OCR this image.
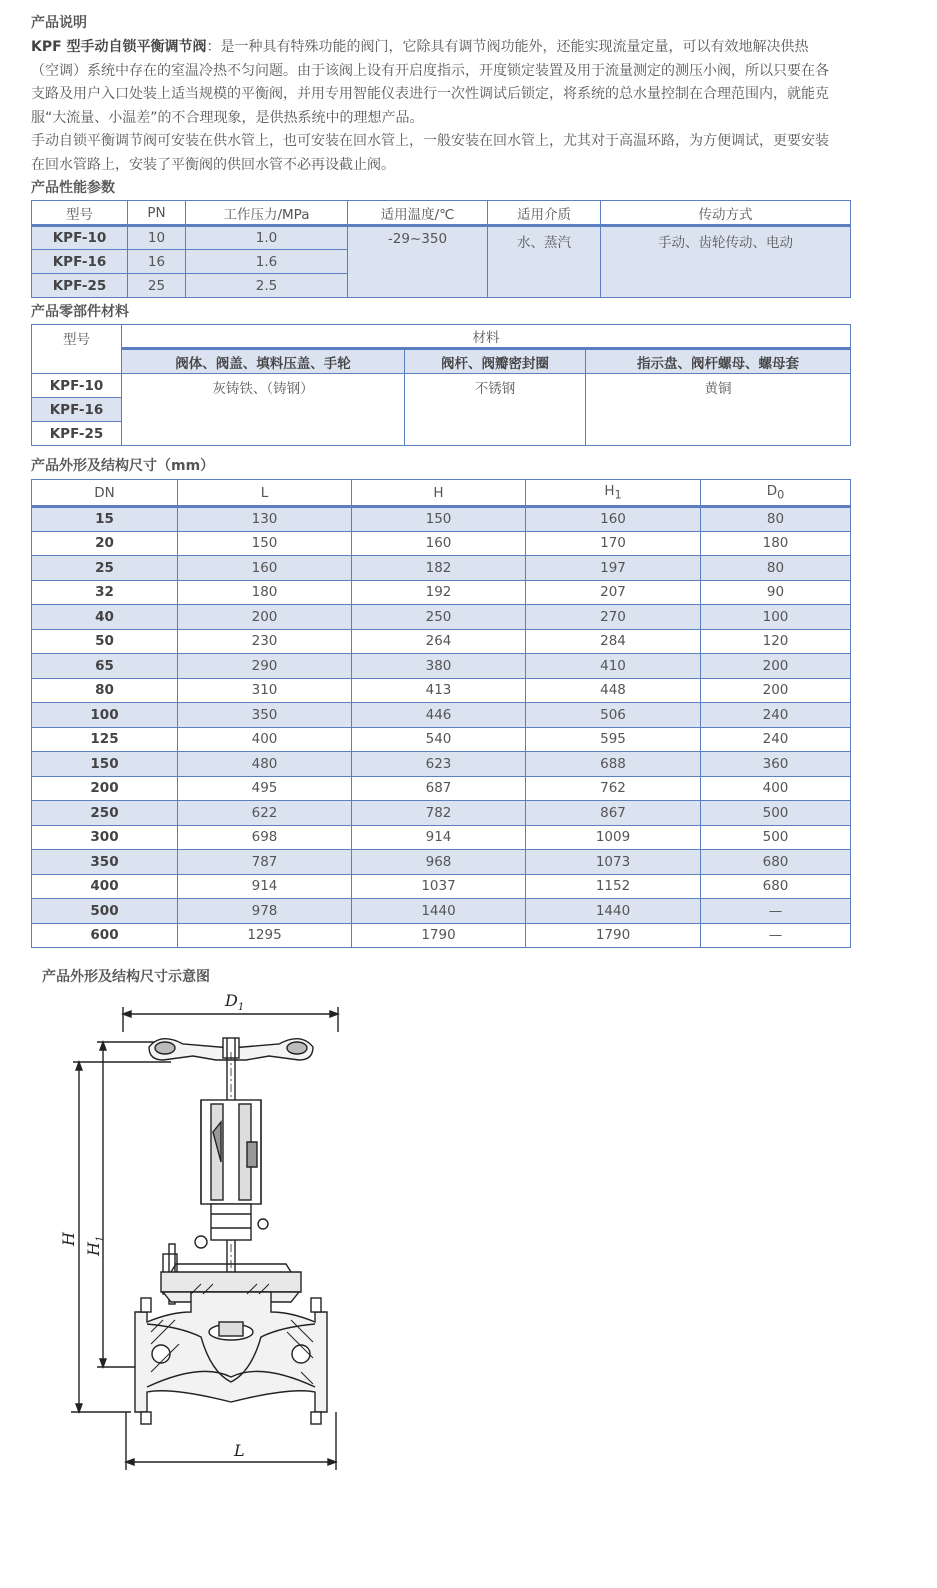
产品说明

KPF 型手动自锁平衡调节阀：是一种具有特殊功能的阀门，它除具有调节阀功能外，还能实现流量定量，可以有效地解决供热

（空调）系统中存在的室温冷热不匀问题。由于该阀上设有开启度指示，开度锁定装置及用于流量测定的测压小阀，所以只要在各

支路及用户入口处装上适当规模的平衡阀，并用专用智能仪表进行一次性调试后锁定，将系统的总水量控制在合理范围内，就能克

服“大流量、小温差”的不合理现象，是供热系统中的理想产品。

手动自锁平衡调节阀可安装在供水管上，也可安装在回水管上，一般安装在回水管上，尤其对于高温环路，为方便调试，更要安装

在回水管路上，安装了平衡阀的供回水管不必再设截止阀。

产品性能参数
型号	PN	工作压力/MPa	适用温度/℃	适用介质	传动方式
KPF-10	10	1.0	-29~350	水、蒸汽	手动、齿轮传动、电动
KPF-16	16	1.6			
KPF-25	25	2.5			
产品零部件材料
型号	材料		
	阀体、阀盖、填料压盖、手轮	阀杆、阀瓣密封圈	指示盘、阀杆螺母、螺母套
KPF-10	灰铸铁、（铸钢）	不锈钢	黄铜
KPF-16			
KPF-25			
产品外形及结构尺寸（mm）
DN	L	H	$H_1$	$D_0$
15	130	150	160	80
20	150	160	170	180
25	160	182	197	80
32	180	192	207	90
40	200	250	270	100
50	230	264	284	120
65	290	380	410	200
80	310	413	448	200
100	350	446	506	240
125	400	540	595	240
150	480	623	688	360
200	495	687	762	400
250	622	782	867	500
300	698	914	1009	500
350	787	968	1073	680
400	914	1037	1152	680
500	978	1440	1440	—
600	1295	1790	1790	—
$D_1$
H
$H_1$
L
产品外形及结构尺寸示意图
